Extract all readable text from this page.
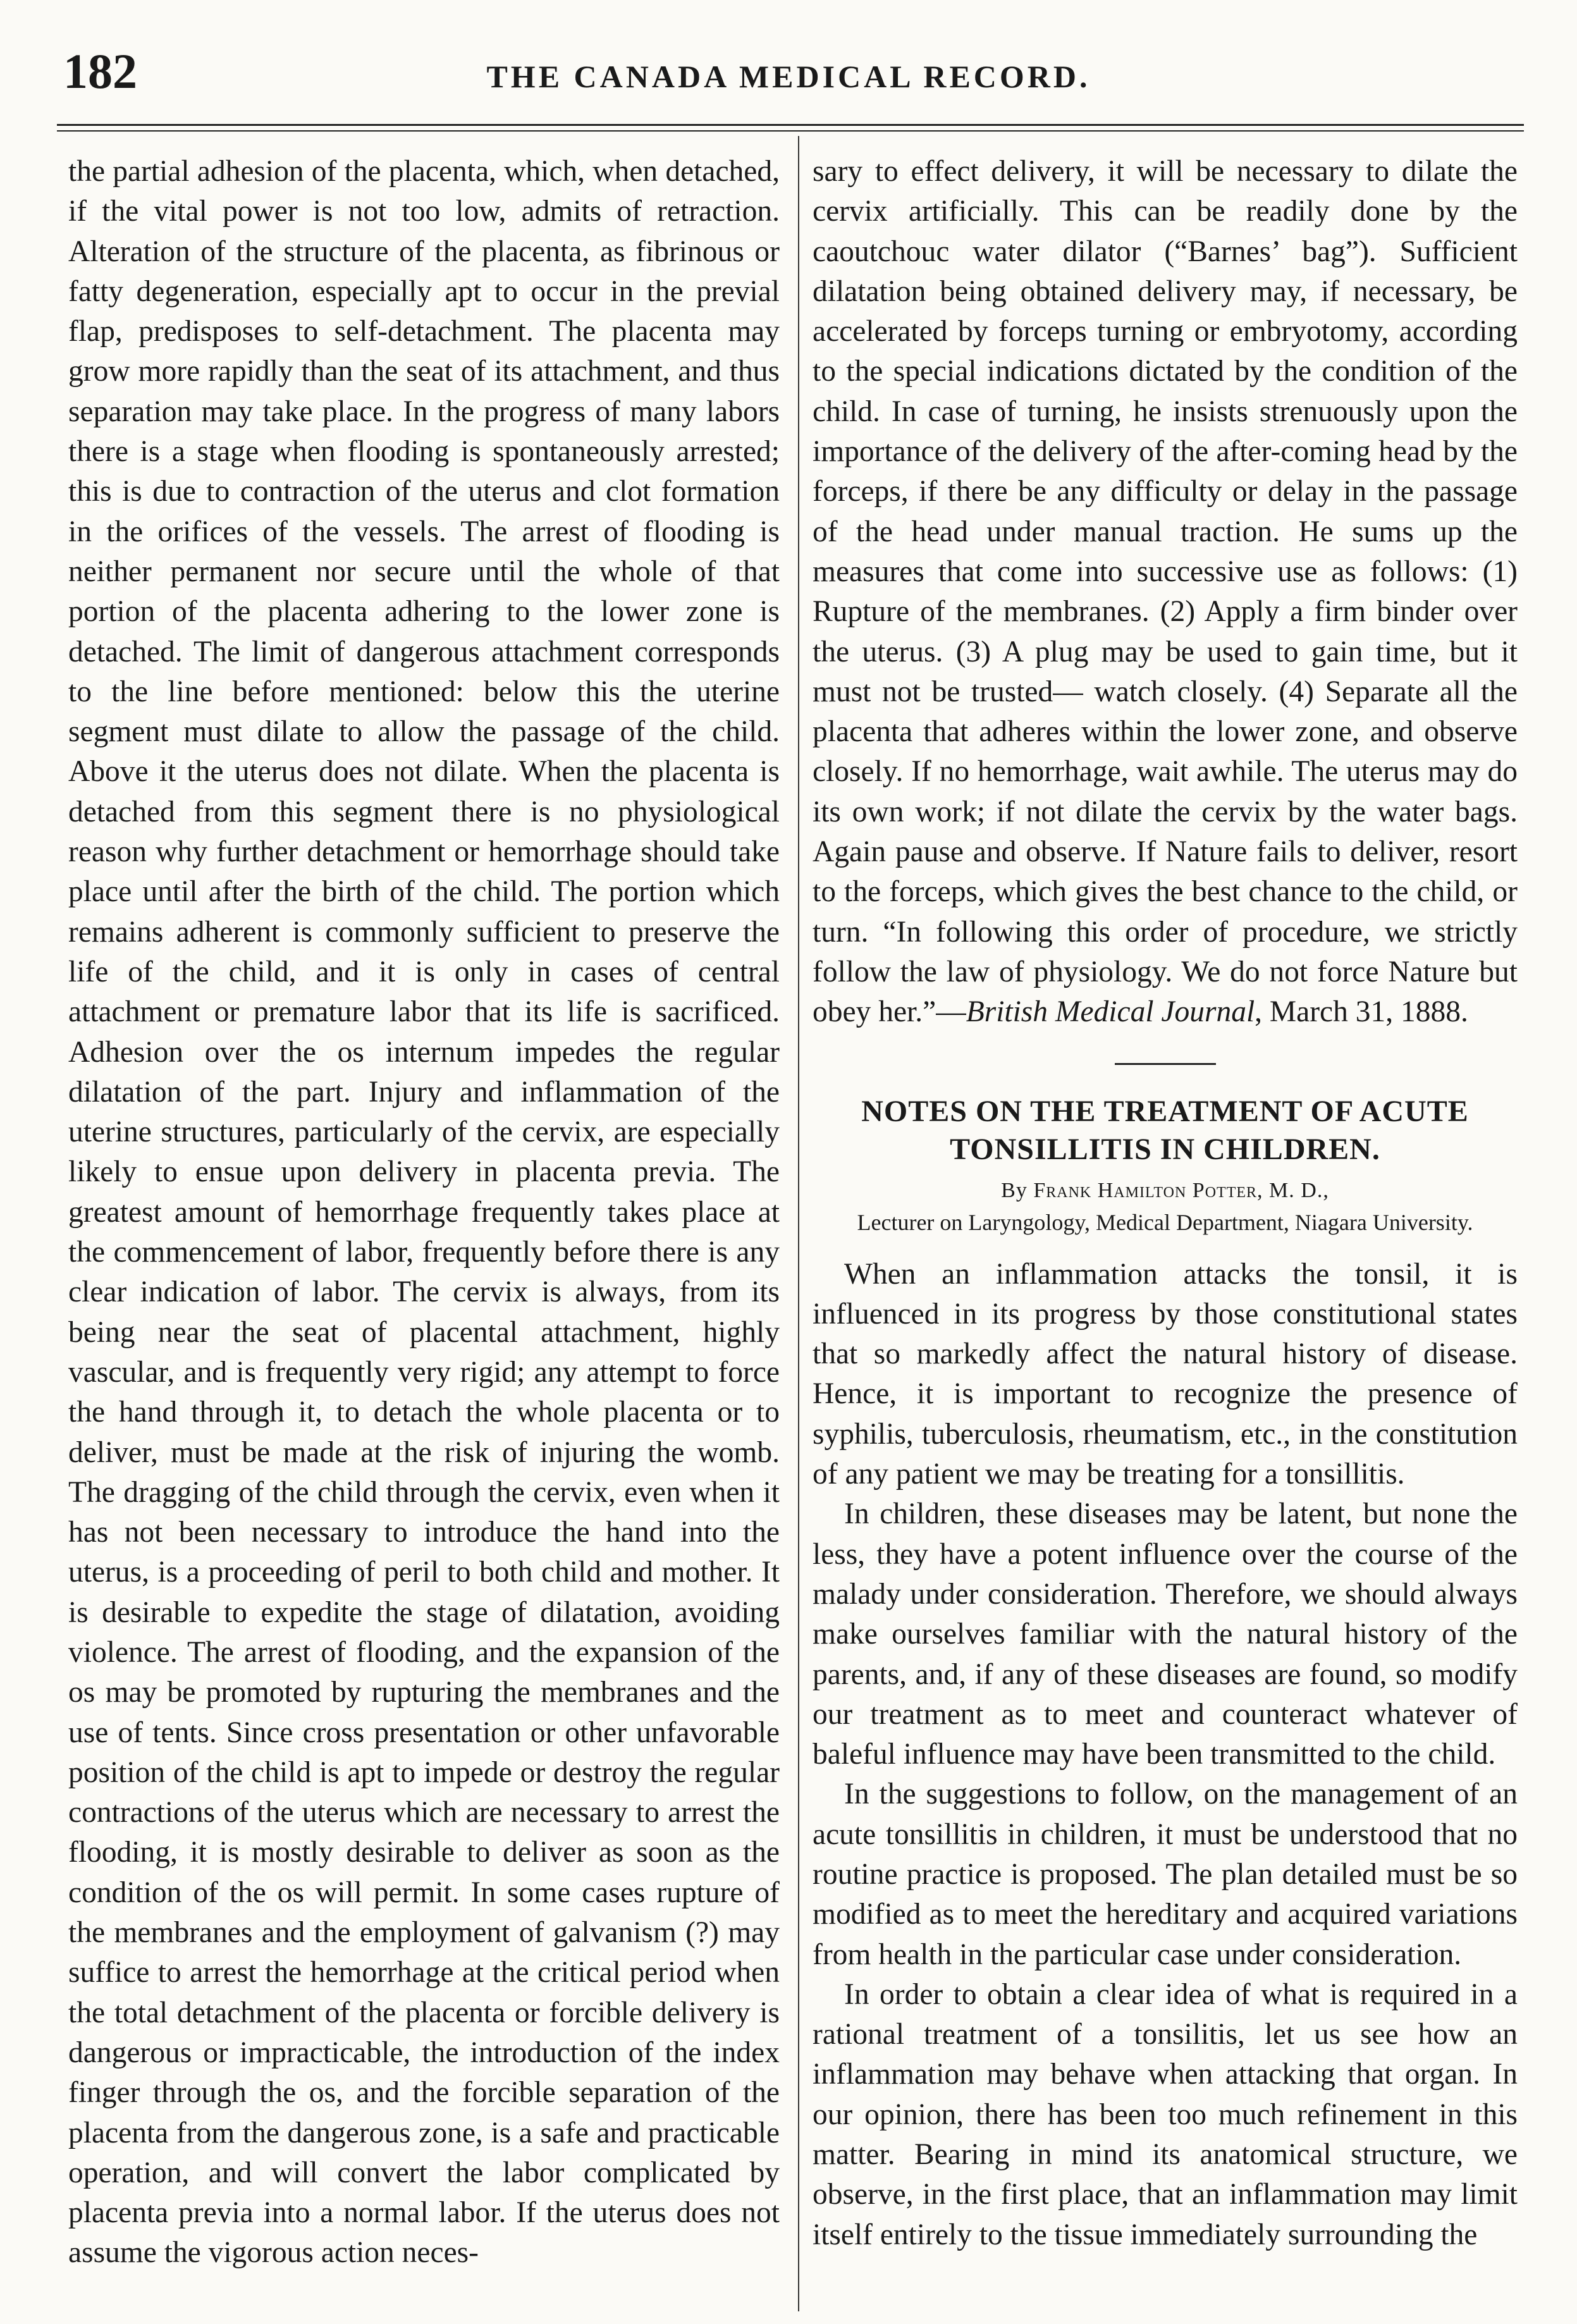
182	THE CANADA MEDICAL RECORD.

the partial adhesion of the placenta, which, when detached, if the vital power is not too low, admits of retraction. Alteration of the structure of the placenta, as fibrinous or fatty degeneration, especially apt to occur in the previal flap, predisposes to self-detachment. The placenta may grow more rapidly than the seat of its attachment, and thus separation may take place. In the progress of many labors there is a stage when flooding is spontaneously arrested; this is due to contraction of the uterus and clot formation in the orifices of the vessels. The arrest of flooding is neither permanent nor secure until the whole of that portion of the placenta adhering to the lower zone is detached. The limit of dangerous attachment corresponds to the line before mentioned: below this the uterine segment must dilate to allow the passage of the child. Above it the uterus does not dilate. When the placenta is detached from this segment there is no physiological reason why further detachment or hemorrhage should take place until after the birth of the child. The portion which remains adherent is commonly sufficient to preserve the life of the child, and it is only in cases of central attachment or premature labor that its life is sacrificed. Adhesion over the os internum impedes the regular dilatation of the part. Injury and inflammation of the uterine structures, particularly of the cervix, are especially likely to ensue upon delivery in placenta previa. The greatest amount of hemorrhage frequently takes place at the commencement of labor, frequently before there is any clear indication of labor. The cervix is always, from its being near the seat of placental attachment, highly vascular, and is frequently very rigid; any attempt to force the hand through it, to detach the whole placenta or to deliver, must be made at the risk of injuring the womb. The dragging of the child through the cervix, even when it has not been necessary to introduce the hand into the uterus, is a proceeding of peril to both child and mother. It is desirable to expedite the stage of dilatation, avoiding violence. The arrest of flooding, and the expansion of the os may be promoted by rupturing the membranes and the use of tents. Since cross presentation or other unfavorable position of the child is apt to impede or destroy the regular contractions of the uterus which are necessary to arrest the flooding, it is mostly desirable to deliver as soon as the condition of the os will permit. In some cases rupture of the membranes and the employment of galvanism (?) may suffice to arrest the hemorrhage at the critical period when the total detachment of the placenta or forcible delivery is dangerous or impracticable, the introduction of the index finger through the os, and the forcible separation of the placenta from the dangerous zone, is a safe and practicable operation, and will convert the labor complicated by placenta previa into a normal labor. If the uterus does not assume the vigorous action neces-

sary to effect delivery, it will be necessary to dilate the cervix artificially. This can be readily done by the caoutchouc water dilator (“Barnes’ bag”). Sufficient dilatation being obtained delivery may, if necessary, be accelerated by forceps turning or embryotomy, according to the special indications dictated by the condition of the child. In case of turning, he insists strenuously upon the importance of the delivery of the after-coming head by the forceps, if there be any difficulty or delay in the passage of the head under manual traction. He sums up the measures that come into successive use as follows: (1) Rupture of the membranes. (2) Apply a firm binder over the uterus. (3) A plug may be used to gain time, but it must not be trusted— watch closely. (4) Separate all the placenta that adheres within the lower zone, and observe closely. If no hemorrhage, wait awhile. The uterus may do its own work; if not dilate the cervix by the water bags. Again pause and observe. If Nature fails to deliver, resort to the forceps, which gives the best chance to the child, or turn. “In following this order of procedure, we strictly follow the law of physiology. We do not force Nature but obey her.”—British Medical Journal, March 31, 1888.

NOTES ON THE TREATMENT OF ACUTE TONSILLITIS IN CHILDREN.
By Frank Hamilton Potter, M. D.,
Lecturer on Laryngology, Medical Department, Niagara University.

When an inflammation attacks the tonsil, it is influenced in its progress by those constitutional states that so markedly affect the natural history of disease. Hence, it is important to recognize the presence of syphilis, tuberculosis, rheumatism, etc., in the constitution of any patient we may be treating for a tonsillitis.

In children, these diseases may be latent, but none the less, they have a potent influence over the course of the malady under consideration. Therefore, we should always make ourselves familiar with the natural history of the parents, and, if any of these diseases are found, so modify our treatment as to meet and counteract whatever of baleful influence may have been transmitted to the child.

In the suggestions to follow, on the management of an acute tonsillitis in children, it must be understood that no routine practice is proposed. The plan detailed must be so modified as to meet the hereditary and acquired variations from health in the particular case under consideration.

In order to obtain a clear idea of what is required in a rational treatment of a tonsilitis, let us see how an inflammation may behave when attacking that organ. In our opinion, there has been too much refinement in this matter. Bearing in mind its anatomical structure, we observe, in the first place, that an inflammation may limit itself entirely to the tissue immediately surrounding the
